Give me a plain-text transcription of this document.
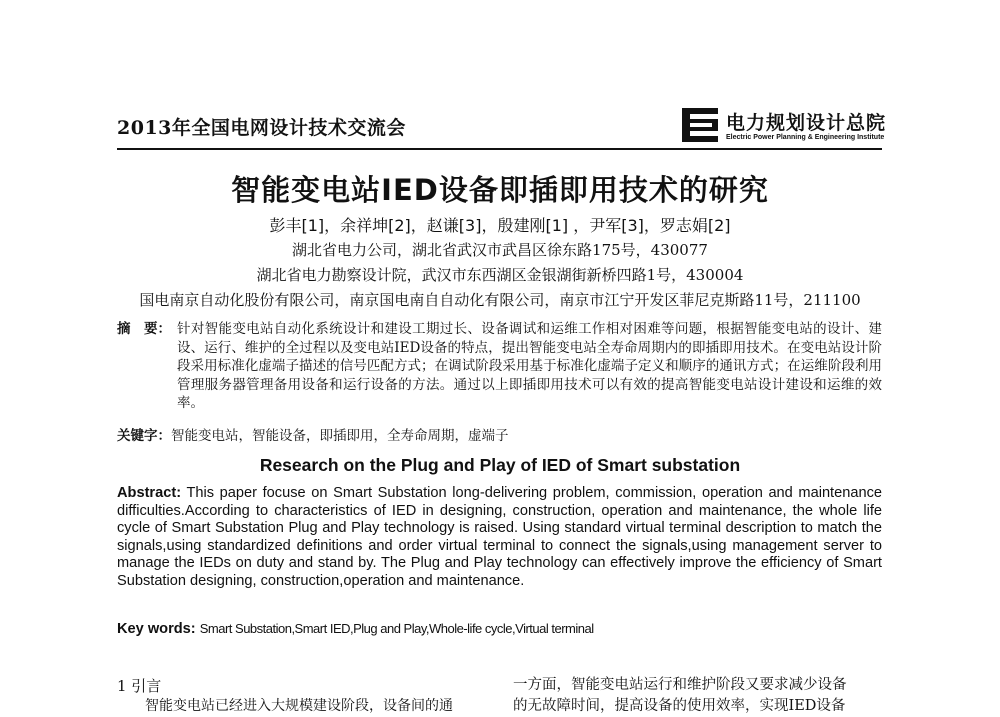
2013年全国电网设计技术交流会	电力规划设计总院
Electric Power Planning & Engineering Institute
智能变电站IED设备即插即用技术的研究
彭丰[1]，余祥坤[2]，赵谦[3]，殷建刚[1] ，尹军[3]，罗志娟[2]
湖北省电力公司，湖北省武汉市武昌区徐东路175号，430077
湖北省电力勘察设计院，武汉市东西湖区金银湖街新桥四路1号，430004
国电南京自动化股份有限公司，南京国电南自自动化有限公司，南京市江宁开发区菲尼克斯路11号，211100
摘　要： 针对智能变电站自动化系统设计和建设工期过长、设备调试和运维工作相对困难等问题，根据智能变电站的设计、建设、运行、维护的全过程以及变电站IED设备的特点，提出智能变电站全寿命周期内的即插即用技术。在变电站设计阶段采用标准化虚端子描述的信号匹配方式；在调试阶段采用基于标准化虚端子定义和顺序的通讯方式；在运维阶段利用管理服务器管理备用设备和运行设备的方法。通过以上即插即用技术可以有效的提高智能变电站设计建设和运维的效率。
关键字：智能变电站，智能设备，即插即用，全寿命周期，虚端子
Research on the Plug and Play of IED of Smart substation
Abstract: This paper focuse on Smart Substation long-delivering problem, commission, operation and maintenance difficulties.According to characteristics of IED in designing, construction, operation and maintenance, the whole life cycle of Smart Substation Plug and Play technology is raised. Using standard virtual terminal description to match the signals,using standardized definitions and order virtual terminal to connect the signals,using management server to manage the IEDs on duty and stand by. The Plug and Play technology can effectively improve the efficiency of Smart Substation designing, construction,operation and maintenance.
Key words: Smart Substation,Smart IED,Plug and Play,Whole-life cycle,Virtual terminal
1 引言
智能变电站已经进入大规模建设阶段，设备间的通
一方面，智能变电站运行和维护阶段又要求减少设备
的无故障时间，提高设备的使用效率，实现IED设备
